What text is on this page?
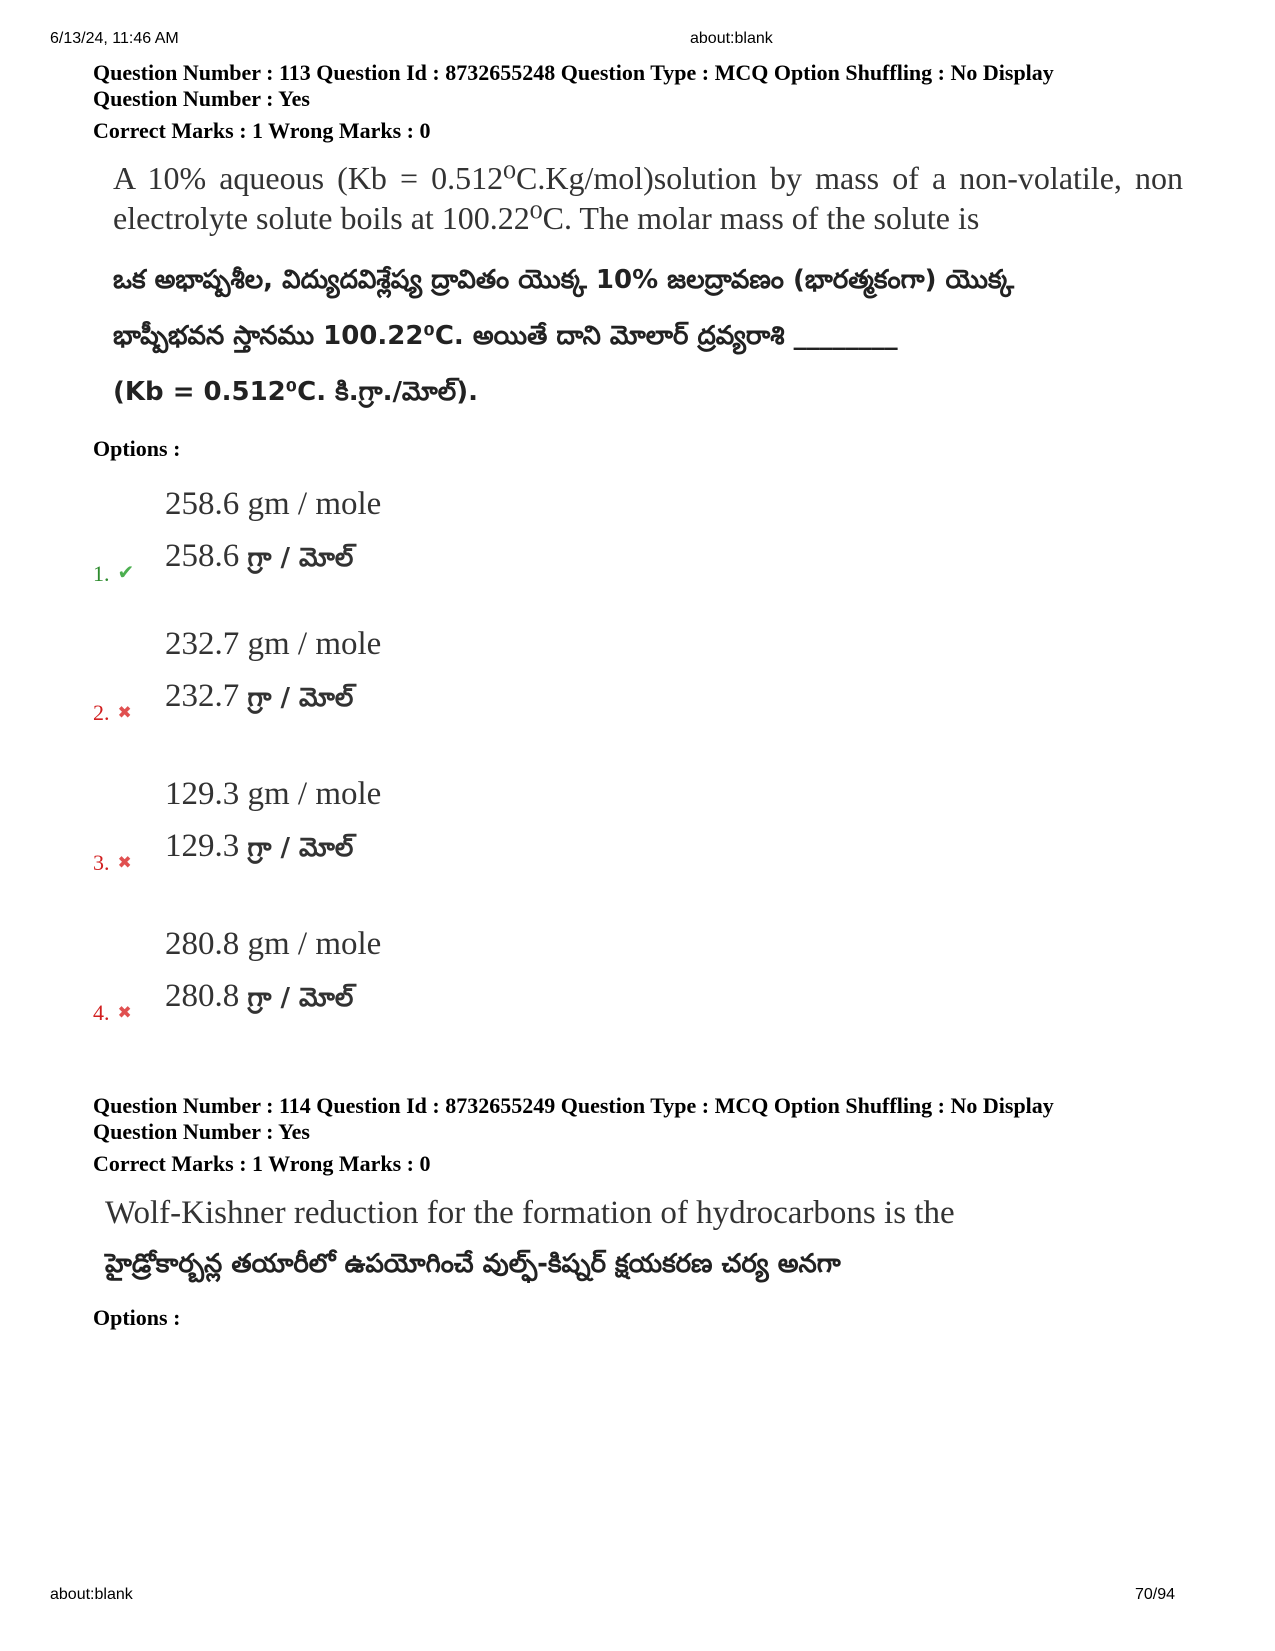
6/13/24, 11:46 AM	about:blank
Question Number : 113 Question Id : 8732655248 Question Type : MCQ Option Shuffling : No Display
Question Number : Yes
Correct Marks : 1 Wrong Marks : 0
A 10% aqueous (Kb = 0.512⁰C.Kg/mol)solution by mass of a non-volatile, non electrolyte solute boils at 100.22⁰C. The molar mass of the solute is
ఒక అభాష్పశీల, విద్యుదవిశ్లేష్య ద్రావితం యొక్క 10% జలద్రావణం (భారత్మకంగా) యొక్క
భాష్పీభవన స్తానము 100.22⁰C. అయితే దాని మోలార్ ద్రవ్యరాశి ________
(Kb = 0.512⁰C. కి.గ్రా./మోల్).
Options :
258.6 gm / mole
258.6 గ్రా / మోల్
1. ✔
232.7 gm / mole
232.7 గ్రా / మోల్
2. ✖
129.3 gm / mole
129.3 గ్రా / మోల్
3. ✖
280.8 gm / mole
280.8 గ్రా / మోల్
4. ✖
Question Number : 114 Question Id : 8732655249 Question Type : MCQ Option Shuffling : No Display
Question Number : Yes
Correct Marks : 1 Wrong Marks : 0
Wolf-Kishner reduction for the formation of hydrocarbons is the
హైడ్రోకార్బన్ల తయారీలో ఉపయోగించే వుల్ఫ్-కిష్నర్ క్షయకరణ చర్య అనగా
Options :
about:blank	70/94
